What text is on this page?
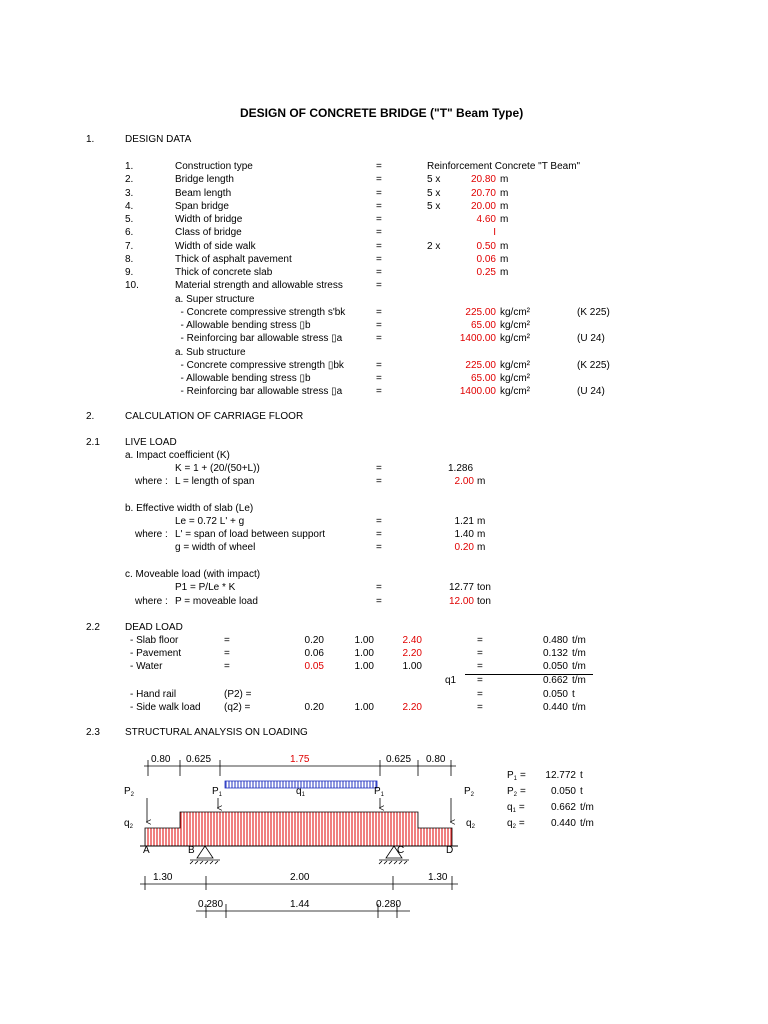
DESIGN OF CONCRETE BRIDGE ("T" Beam Type)
1.	DESIGN DATA
1.	Construction type	=	Reinforcement Concrete "T Beam"
2.	Bridge length	=	5 x	20.80 m
3.	Beam length	=	5 x	20.70 m
4.	Span bridge	=	5 x	20.00 m
5.	Width of bridge	=	4.60 m
6.	Class of bridge	=	I
7.	Width of side walk	=	2 x	0.50 m
8.	Thick of asphalt pavement	=	0.06 m
9.	Thick of concrete slab	=	0.25 m
10.	Material strength and allowable stress	=
a. Super structure
- Concrete compressive strength s'bk	=	225.00 kg/cm²	(K 225)
- Allowable bending stress ▯b	=	65.00 kg/cm²
- Reinforcing bar allowable stress ▯a	=	1400.00 kg/cm²	(U 24)
a. Sub structure
- Concrete compressive strength ▯bk	=	225.00 kg/cm²	(K 225)
- Allowable bending stress ▯b	=	65.00 kg/cm²
- Reinforcing bar allowable stress ▯a	=	1400.00 kg/cm²	(U 24)
2.	CALCULATION OF CARRIAGE FLOOR
2.1	LIVE LOAD
a. Impact coefficient (K)
K = 1 + (20/(50+L))	=	1.286
where : L = length of span	=	2.00 m
b. Effective width of slab (Le)
Le = 0.72 L' + g	=	1.21 m
where : L' = span of load between support	=	1.40 m
g = width of wheel	=	0.20 m
c. Moveable load (with impact)
P1 = P/Le * K	=	12.77 ton
where : P = moveable load	=	12.00 ton
2.2	DEAD LOAD
- Slab floor	=	0.20	1.00	2.40	=	0.480 t/m
- Pavement	=	0.06	1.00	2.20	=	0.132 t/m
- Water	=	0.05	1.00	1.00	=	0.050 t/m
q1 =	0.662 t/m
- Hand rail	(P2) =	=	0.050 t
- Side walk load (q2) =	0.20	1.00	2.20	=	0.440 t/m
2.3	STRUCTURAL ANALYSIS ON LOADING
0.80 0.625	1.75	0.625 0.80
$P_2$	$P_1$	$q_1$	$P_1$	$P_2$
$q_2$	$q_2$
A	B	C	D
1.30	2.00	1.30
0.280	1.44	0.280
$P_1$ =	12.772 t
$P_2$ =	0.050 t
$q_1$ =	0.662 t/m
$q_2$ =	0.440 t/m
